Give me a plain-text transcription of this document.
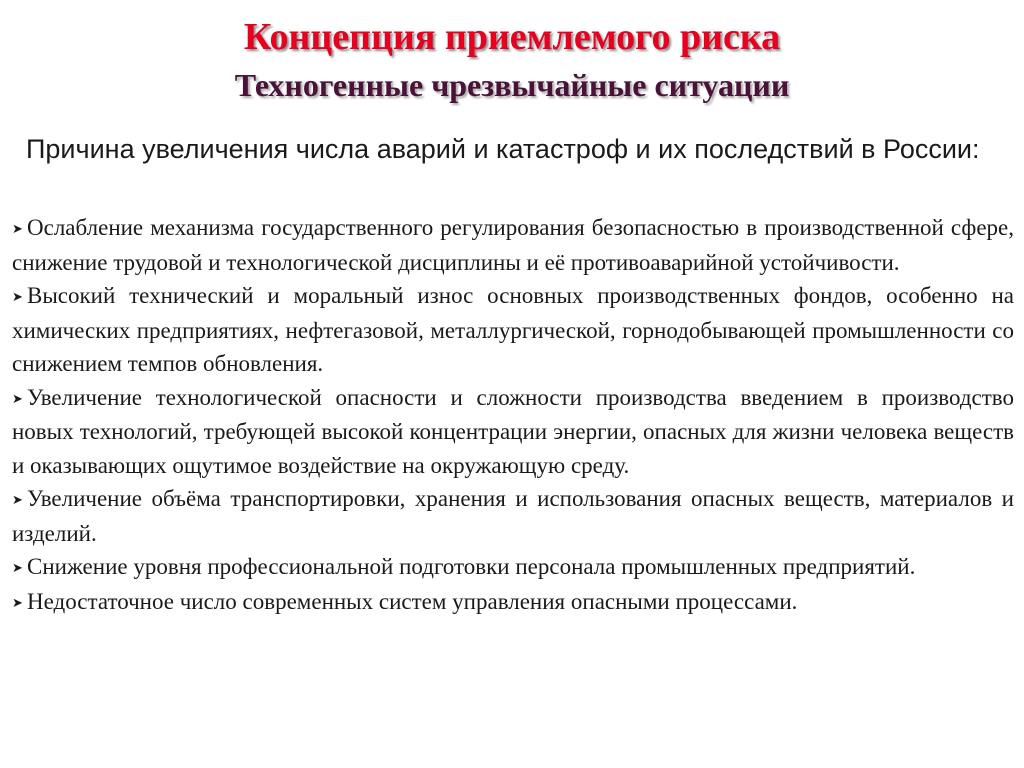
Концепция приемлемого риска
Техногенные чрезвычайные ситуации
Причина увеличения числа аварий и катастроф и их последствий в России:
➤ Ослабление механизма государственного регулирования безопасностью в производственной сфере, снижение трудовой и технологической дисциплины и её противоаварийной устойчивости.
➤ Высокий технический и моральный износ основных производственных фондов, особенно на химических предприятиях, нефтегазовой, металлургической, горнодобывающей промышленности со снижением темпов обновления.
➤ Увеличение технологической опасности и сложности производства введением в производство новых технологий, требующей высокой концентрации энергии, опасных для жизни человека веществ и оказывающих ощутимое воздействие на окружающую среду.
➤ Увеличение объёма транспортировки, хранения и использования опасных веществ, материалов и изделий.
➤ Снижение уровня профессиональной подготовки персонала промышленных предприятий.
➤ Недостаточное число современных систем управления опасными процессами.
